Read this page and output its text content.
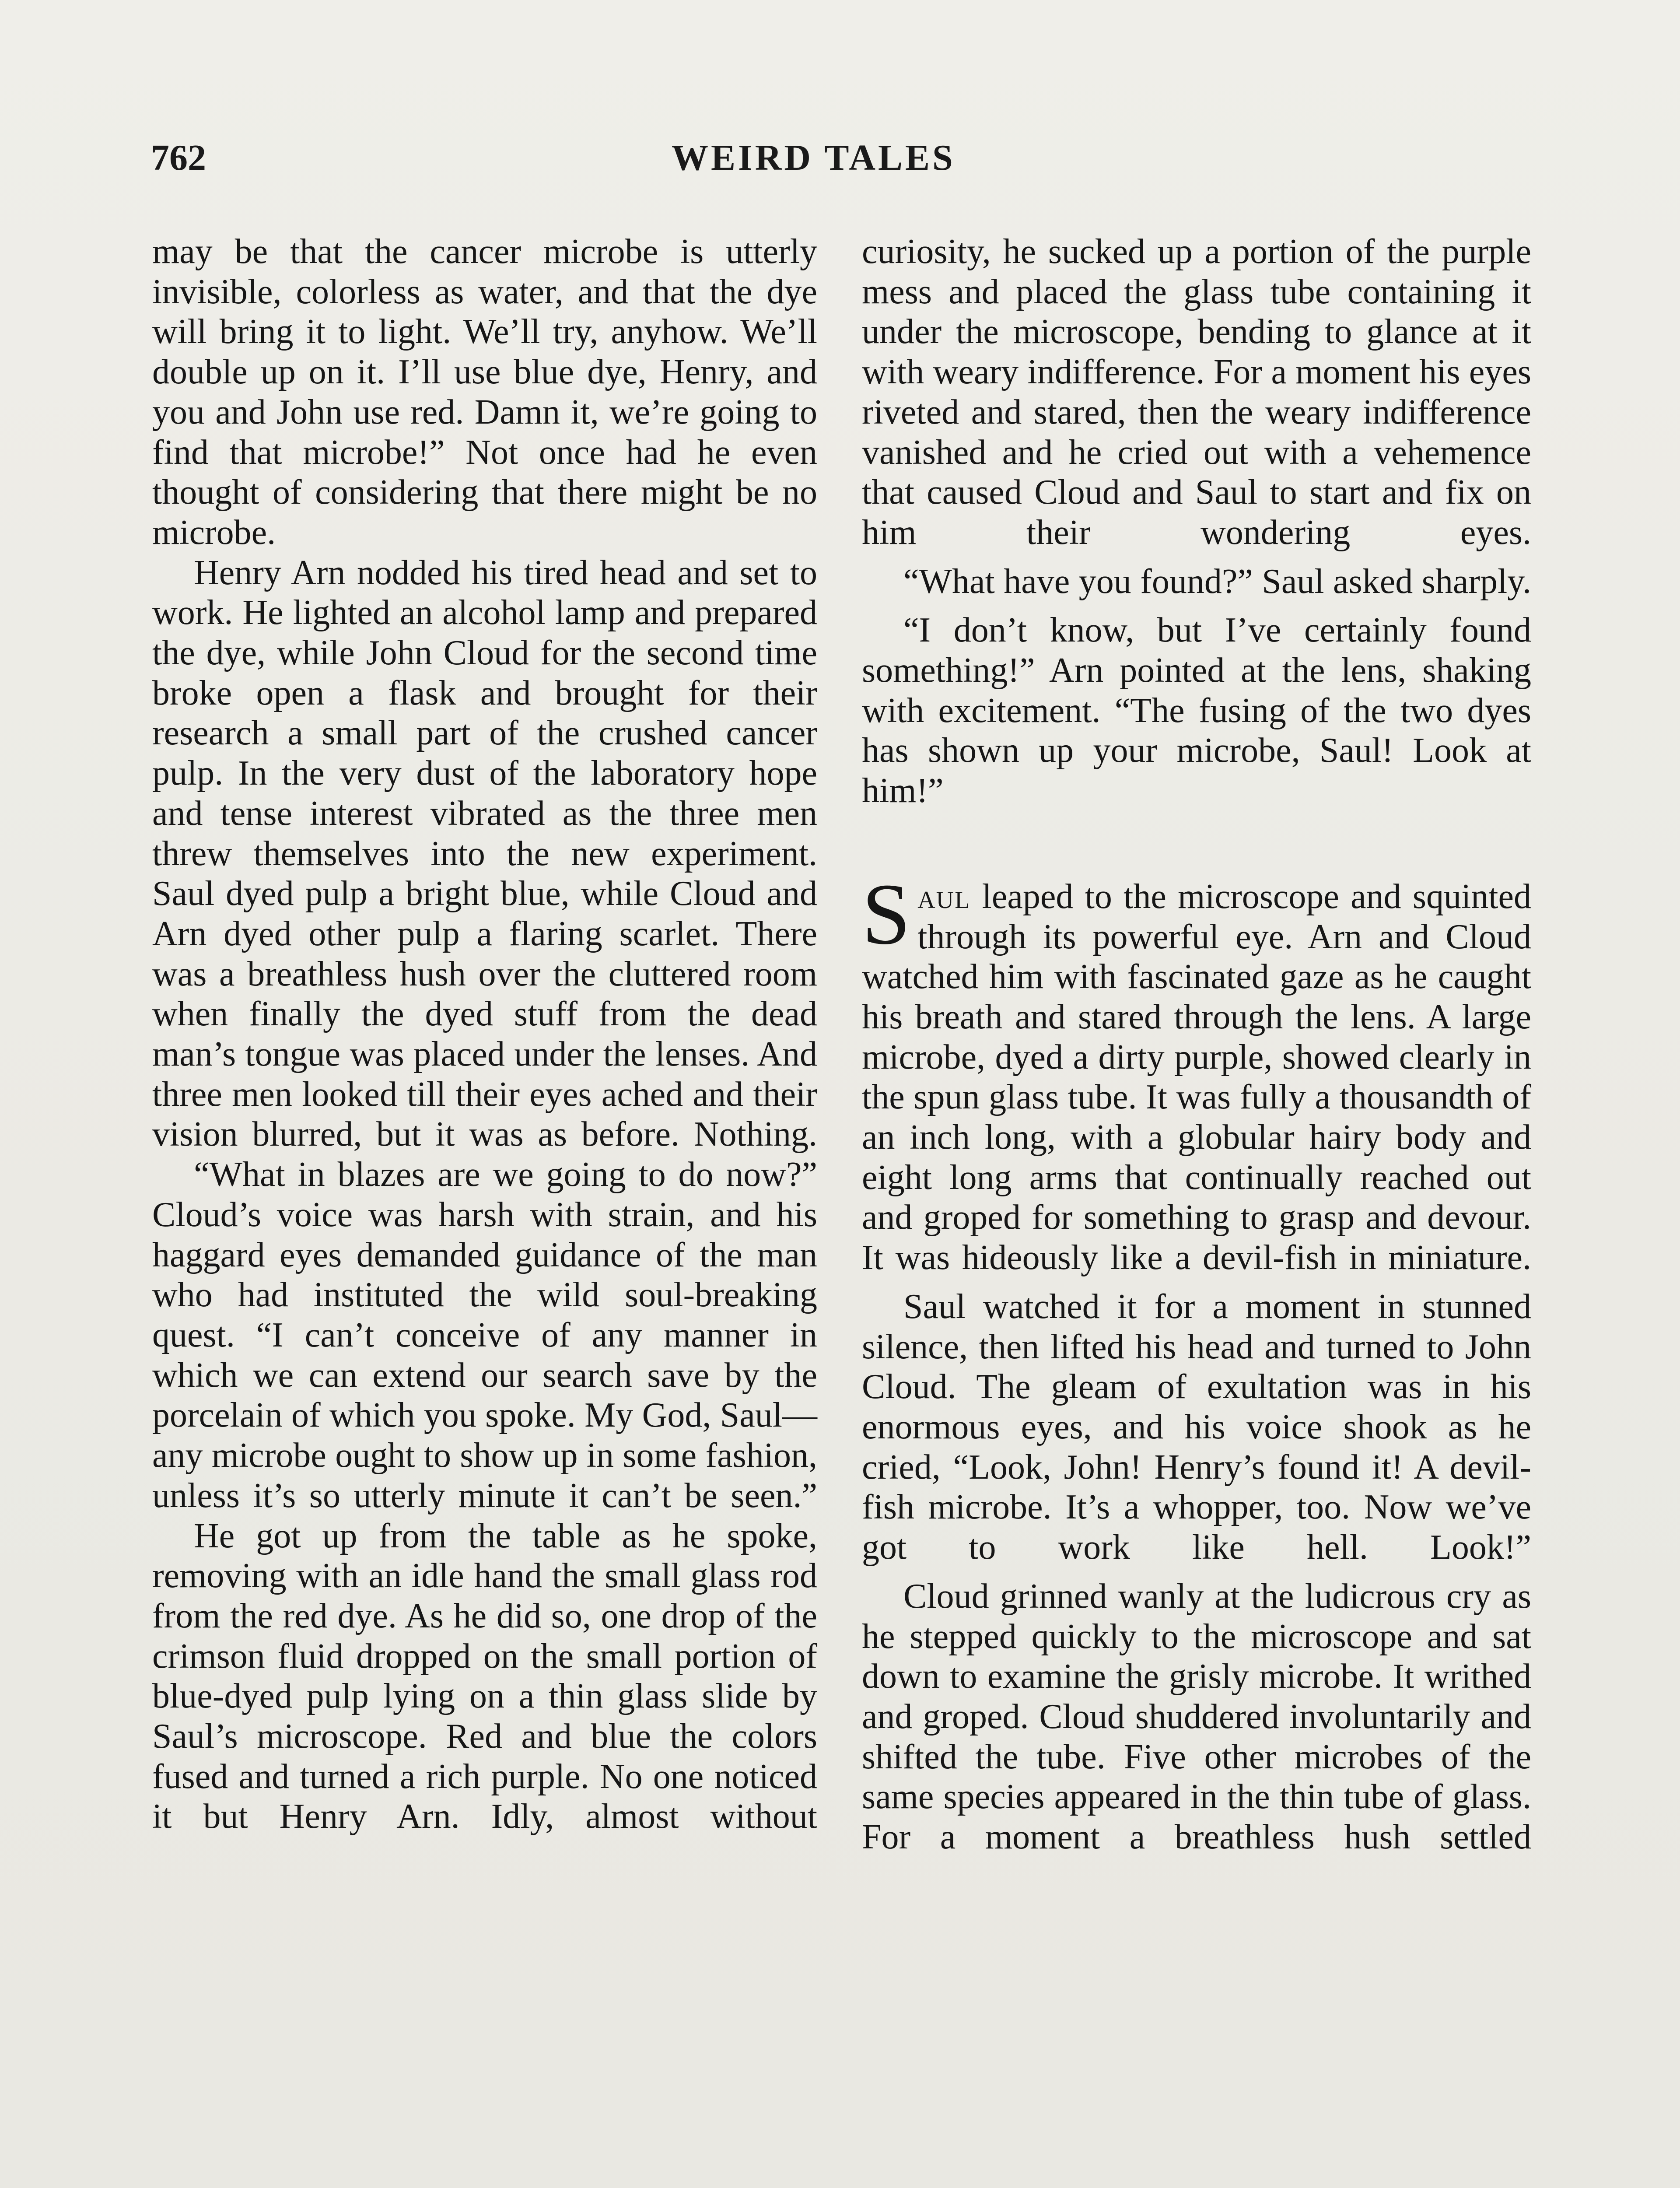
762	WEIRD TALES

may be that the cancer microbe is utterly invisible, colorless as water, and that the dye will bring it to light. We’ll try, anyhow. We’ll double up on it. I’ll use blue dye, Henry, and you and John use red. Damn it, we’re going to find that microbe!” Not once had he even thought of considering that there might be no microbe.

Henry Arn nodded his tired head and set to work. He lighted an alcohol lamp and prepared the dye, while John Cloud for the second time broke open a flask and brought for their research a small part of the crushed cancer pulp. In the very dust of the laboratory hope and tense interest vibrated as the three men threw themselves into the new experiment. Saul dyed pulp a bright blue, while Cloud and Arn dyed other pulp a flaring scarlet. There was a breathless hush over the cluttered room when finally the dyed stuff from the dead man’s tongue was placed under the lenses. And three men looked till their eyes ached and their vision blurred, but it was as before. Nothing.

“What in blazes are we going to do now?” Cloud’s voice was harsh with strain, and his haggard eyes demanded guidance of the man who had instituted the wild soul-breaking quest. “I can’t conceive of any manner in which we can extend our search save by the porcelain of which you spoke. My God, Saul—any microbe ought to show up in some fashion, unless it’s so utterly minute it can’t be seen.”

He got up from the table as he spoke, removing with an idle hand the small glass rod from the red dye. As he did so, one drop of the crimson fluid dropped on the small portion of blue-dyed pulp lying on a thin glass slide by Saul’s microscope. Red and blue the colors fused and turned a rich purple. No one noticed it but Henry Arn. Idly, almost without

curiosity, he sucked up a portion of the purple mess and placed the glass tube containing it under the microscope, bending to glance at it with weary indifference. For a moment his eyes riveted and stared, then the weary indifference vanished and he cried out with a vehemence that caused Cloud and Saul to start and fix on him their wondering eyes.

“What have you found?” Saul asked sharply.

“I don’t know, but I’ve certainly found something!” Arn pointed at the lens, shaking with excitement. “The fusing of the two dyes has shown up your microbe, Saul! Look at him!”

Saul leaped to the microscope and squinted through its powerful eye. Arn and Cloud watched him with fascinated gaze as he caught his breath and stared through the lens. A large microbe, dyed a dirty purple, showed clearly in the spun glass tube. It was fully a thousandth of an inch long, with a globular hairy body and eight long arms that continually reached out and groped for something to grasp and devour. It was hideously like a devil-fish in miniature.

Saul watched it for a moment in stunned silence, then lifted his head and turned to John Cloud. The gleam of exultation was in his enormous eyes, and his voice shook as he cried, “Look, John! Henry’s found it! A devil-fish microbe. It’s a whopper, too. Now we’ve got to work like hell. Look!”

Cloud grinned wanly at the ludicrous cry as he stepped quickly to the microscope and sat down to examine the grisly microbe. It writhed and groped. Cloud shuddered involuntarily and shifted the tube. Five other microbes of the same species appeared in the thin tube of glass. For a moment a breathless hush settled
